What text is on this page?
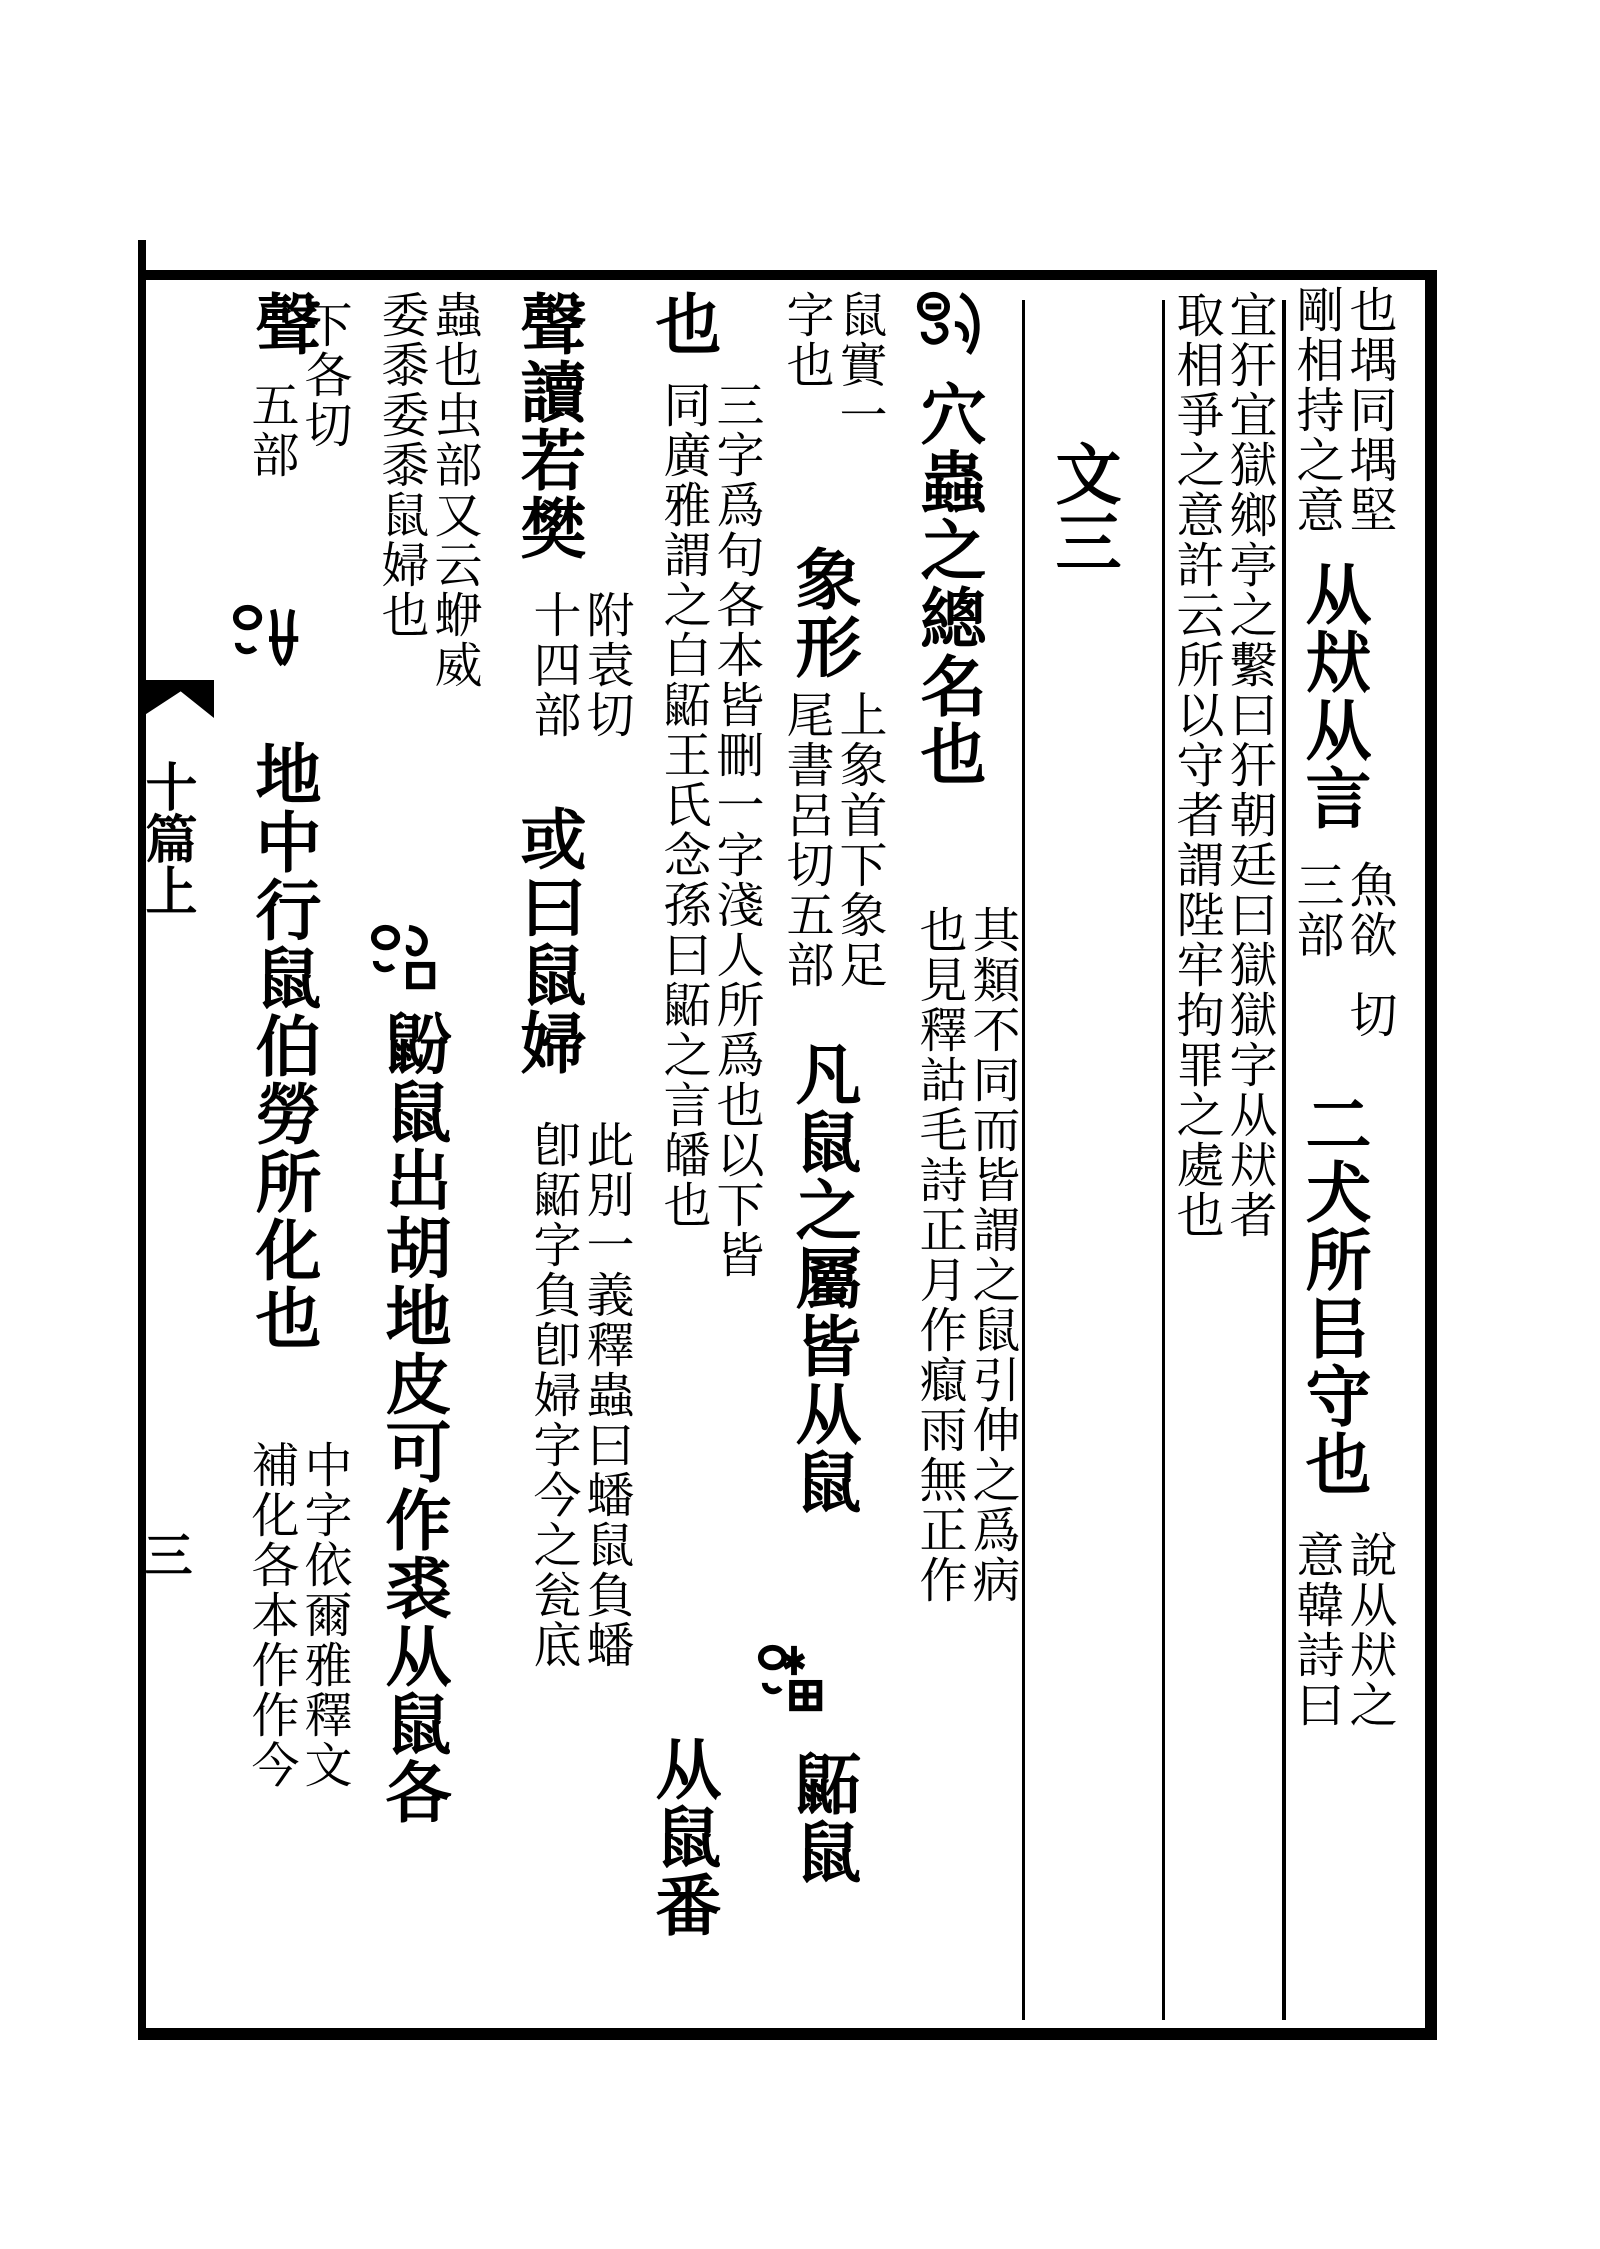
十篇上
三
也堣同堣堅
剛相持之意
从㹜从言
魚欲
三部
切
二犬所㠯守也
說从㹜之
意韓詩曰
宜犴宜獄鄉亭之繫曰犴朝廷曰獄獄字从㹜者
取相爭之意許云所以守者謂陛牢拘罪之處也
文三
穴蟲之總名也
其類不同而皆謂之鼠引伸之爲病
也見釋詁毛詩正月作癙雨無正作
鼠實一
字也
象形
上象首下象足
尾書呂切五部
凡鼠之屬皆从鼠
鼫鼠
也
三字爲句各本皆刪一字淺人所爲也以下皆
同廣雅謂之白鼫王氏念孫曰鼫之言皤也
从鼠番
聲讀若樊
附袁切
十四部
或曰鼠婦
此別一義釋蟲曰蟠鼠負蟠
卽鼫字負卽婦字今之瓮底
蟲也虫部又云蛜威
委黍委黍鼠婦也
鼢鼠出胡地皮可作裘从鼠各
聲
下各切
五部
地中行鼠伯勞所化也
中字依爾雅釋文
補化各本作作今
